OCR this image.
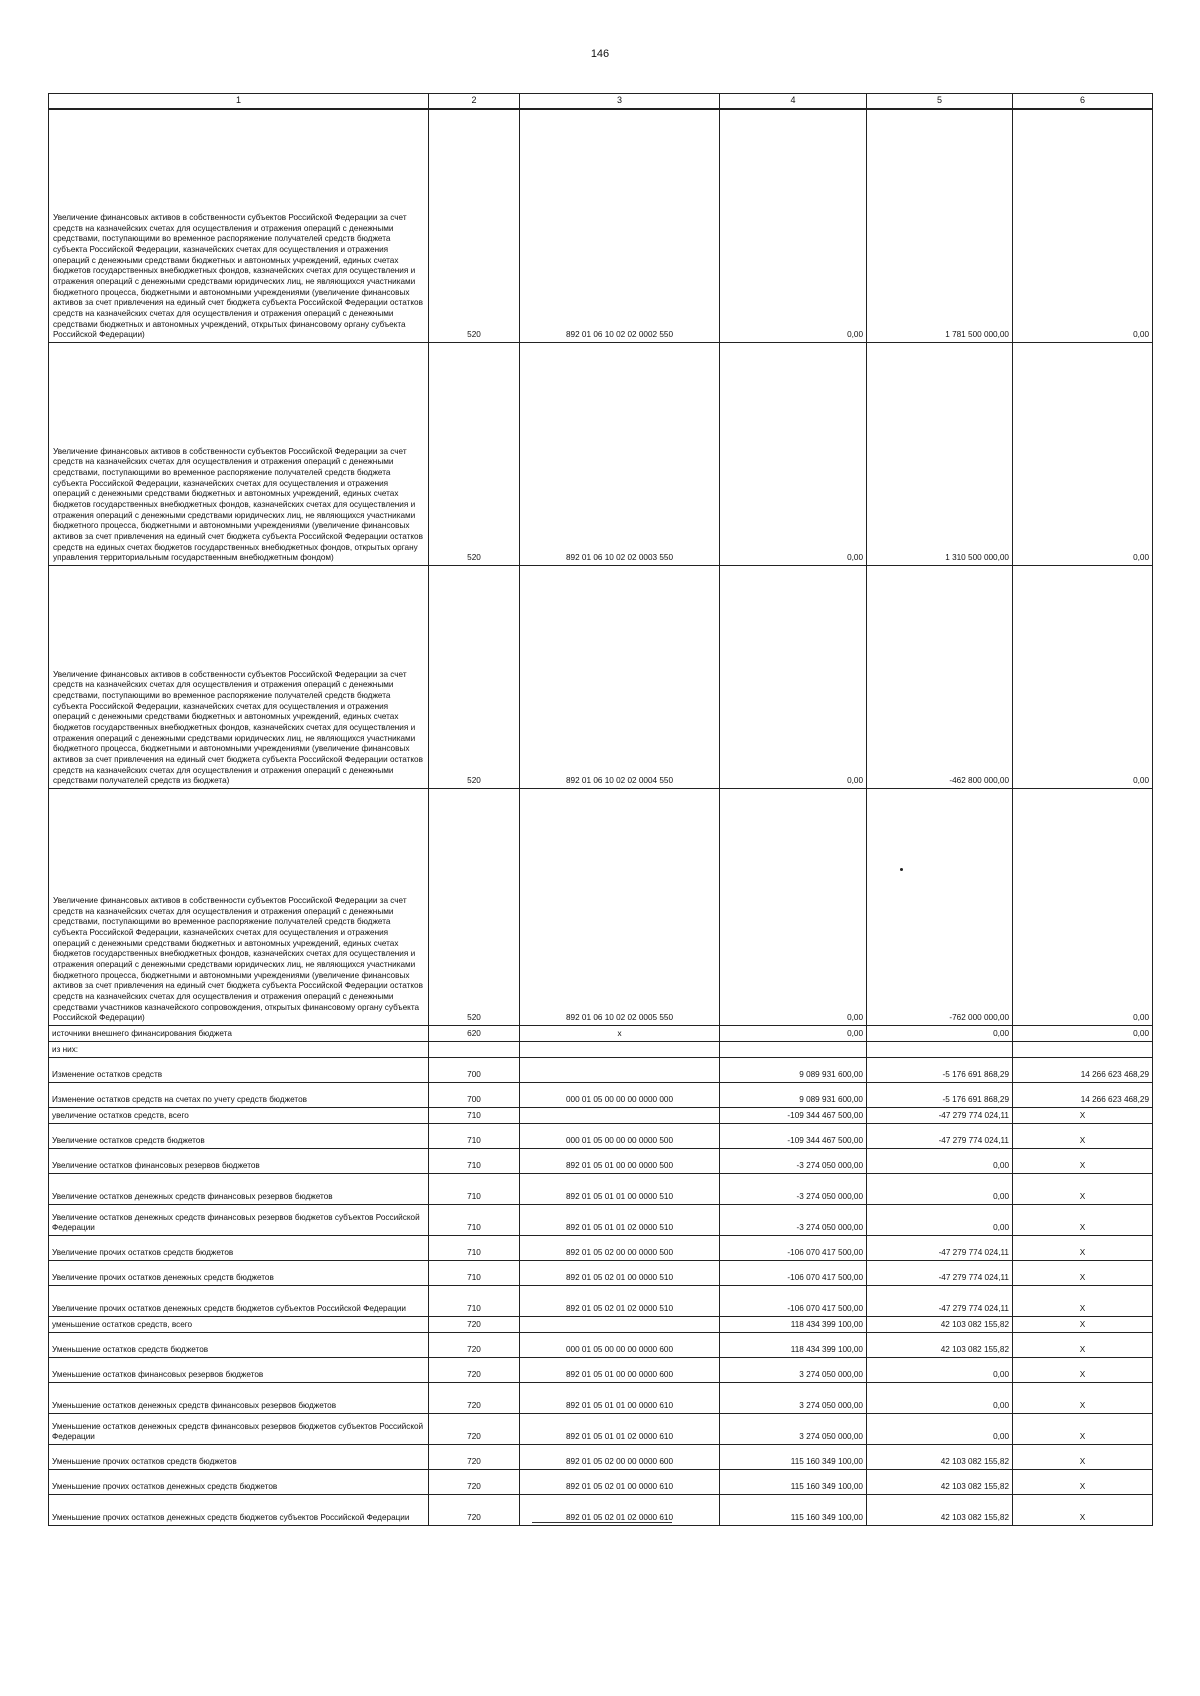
146
1	2	3	4	5	6
Увеличение финансовых активов в собственности субъектов Российской Федерации за счет средств на казначейских счетах для осуществления и отражения операций с денежными средствами, поступающими во временное распоряжение получателей средств бюджета субъекта Российской Федерации, казначейских счетах для осуществления и отражения операций с денежными средствами бюджетных и автономных учреждений, единых счетах бюджетов государственных внебюджетных фондов, казначейских счетах для осуществления и отражения операций с денежными средствами юридических лиц, не являющихся участниками бюджетного процесса, бюджетными и автономными учреждениями (увеличение финансовых активов за счет привлечения на единый счет бюджета субъекта Российской Федерации остатков средств на казначейских счетах для осуществления и отражения операций с денежными средствами бюджетных и автономных учреждений, открытых финансовому органу субъекта Российской Федерации)	520	892 01 06 10 02 02 0002 550	0,00	1 781 500 000,00	0,00
Увеличение финансовых активов в собственности субъектов Российской Федерации за счет средств на казначейских счетах для осуществления и отражения операций с денежными средствами, поступающими во временное распоряжение получателей средств бюджета субъекта Российской Федерации, казначейских счетах для осуществления и отражения операций с денежными средствами бюджетных и автономных учреждений, единых счетах бюджетов государственных внебюджетных фондов, казначейских счетах для осуществления и отражения операций с денежными средствами юридических лиц, не являющихся участниками бюджетного процесса, бюджетными и автономными учреждениями (увеличение финансовых активов за счет привлечения на единый счет бюджета субъекта Российской Федерации остатков средств на единых счетах бюджетов государственных внебюджетных фондов, открытых органу управления территориальным государственным внебюджетным фондом)	520	892 01 06 10 02 02 0003 550	0,00	1 310 500 000,00	0,00
Увеличение финансовых активов в собственности субъектов Российской Федерации за счет средств на казначейских счетах для осуществления и отражения операций с денежными средствами, поступающими во временное распоряжение получателей средств бюджета субъекта Российской Федерации, казначейских счетах для осуществления и отражения операций с денежными средствами бюджетных и автономных учреждений, единых счетах бюджетов государственных внебюджетных фондов, казначейских счетах для осуществления и отражения операций с денежными средствами юридических лиц, не являющихся участниками бюджетного процесса, бюджетными и автономными учреждениями (увеличение финансовых активов за счет привлечения на единый счет бюджета субъекта Российской Федерации остатков средств на казначейских счетах для осуществления и отражения операций с денежными средствами получателей средств из бюджета)	520	892 01 06 10 02 02 0004 550	0,00	-462 800 000,00	0,00
Увеличение финансовых активов в собственности субъектов Российской Федерации за счет средств на казначейских счетах для осуществления и отражения операций с денежными средствами, поступающими во временное распоряжение получателей средств бюджета субъекта Российской Федерации, казначейских счетах для осуществления и отражения операций с денежными средствами бюджетных и автономных учреждений, единых счетах бюджетов государственных внебюджетных фондов, казначейских счетах для осуществления и отражения операций с денежными средствами юридических лиц, не являющихся участниками бюджетного процесса, бюджетными и автономными учреждениями (увеличение финансовых активов за счет привлечения на единый счет бюджета субъекта Российской Федерации остатков средств на казначейских счетах для осуществления и отражения операций с денежными средствами участников казначейского сопровождения, открытых финансовому органу субъекта Российской Федерации)	520	892 01 06 10 02 02 0005 550	0,00	-762 000 000,00	0,00
источники внешнего финансирования бюджета	620	x	0,00	0,00	0,00
из них:					
Изменение остатков средств	700		9 089 931 600,00	-5 176 691 868,29	14 266 623 468,29
Изменение остатков средств на счетах по учету средств бюджетов	700	000 01 05 00 00 00 0000 000	9 089 931 600,00	-5 176 691 868,29	14 266 623 468,29
увеличение остатков средств, всего	710		-109 344 467 500,00	-47 279 774 024,11	X
Увеличение остатков средств бюджетов	710	000 01 05 00 00 00 0000 500	-109 344 467 500,00	-47 279 774 024,11	X
Увеличение остатков финансовых резервов бюджетов	710	892 01 05 01 00 00 0000 500	-3 274 050 000,00	0,00	X
Увеличение остатков денежных средств финансовых резервов бюджетов	710	892 01 05 01 01 00 0000 510	-3 274 050 000,00	0,00	X
Увеличение остатков денежных средств финансовых резервов бюджетов субъектов Российской Федерации	710	892 01 05 01 01 02 0000 510	-3 274 050 000,00	0,00	X
Увеличение прочих остатков средств бюджетов	710	892 01 05 02 00 00 0000 500	-106 070 417 500,00	-47 279 774 024,11	X
Увеличение прочих остатков денежных средств бюджетов	710	892 01 05 02 01 00 0000 510	-106 070 417 500,00	-47 279 774 024,11	X
Увеличение прочих остатков денежных средств бюджетов субъектов Российской Федерации	710	892 01 05 02 01 02 0000 510	-106 070 417 500,00	-47 279 774 024,11	X
уменьшение остатков средств, всего	720		118 434 399 100,00	42 103 082 155,82	X
Уменьшение остатков средств бюджетов	720	000 01 05 00 00 00 0000 600	118 434 399 100,00	42 103 082 155,82	X
Уменьшение остатков финансовых резервов бюджетов	720	892 01 05 01 00 00 0000 600	3 274 050 000,00	0,00	X
Уменьшение остатков денежных средств финансовых резервов бюджетов	720	892 01 05 01 01 00 0000 610	3 274 050 000,00	0,00	X
Уменьшение остатков денежных средств финансовых резервов бюджетов субъектов Российской Федерации	720	892 01 05 01 01 02 0000 610	3 274 050 000,00	0,00	X
Уменьшение прочих остатков средств бюджетов	720	892 01 05 02 00 00 0000 600	115 160 349 100,00	42 103 082 155,82	X
Уменьшение прочих остатков денежных средств бюджетов	720	892 01 05 02 01 00 0000 610	115 160 349 100,00	42 103 082 155,82	X
Уменьшение прочих остатков денежных средств бюджетов субъектов Российской Федерации	720	892 01 05 02 01 02 0000 610	115 160 349 100,00	42 103 082 155,82	X
